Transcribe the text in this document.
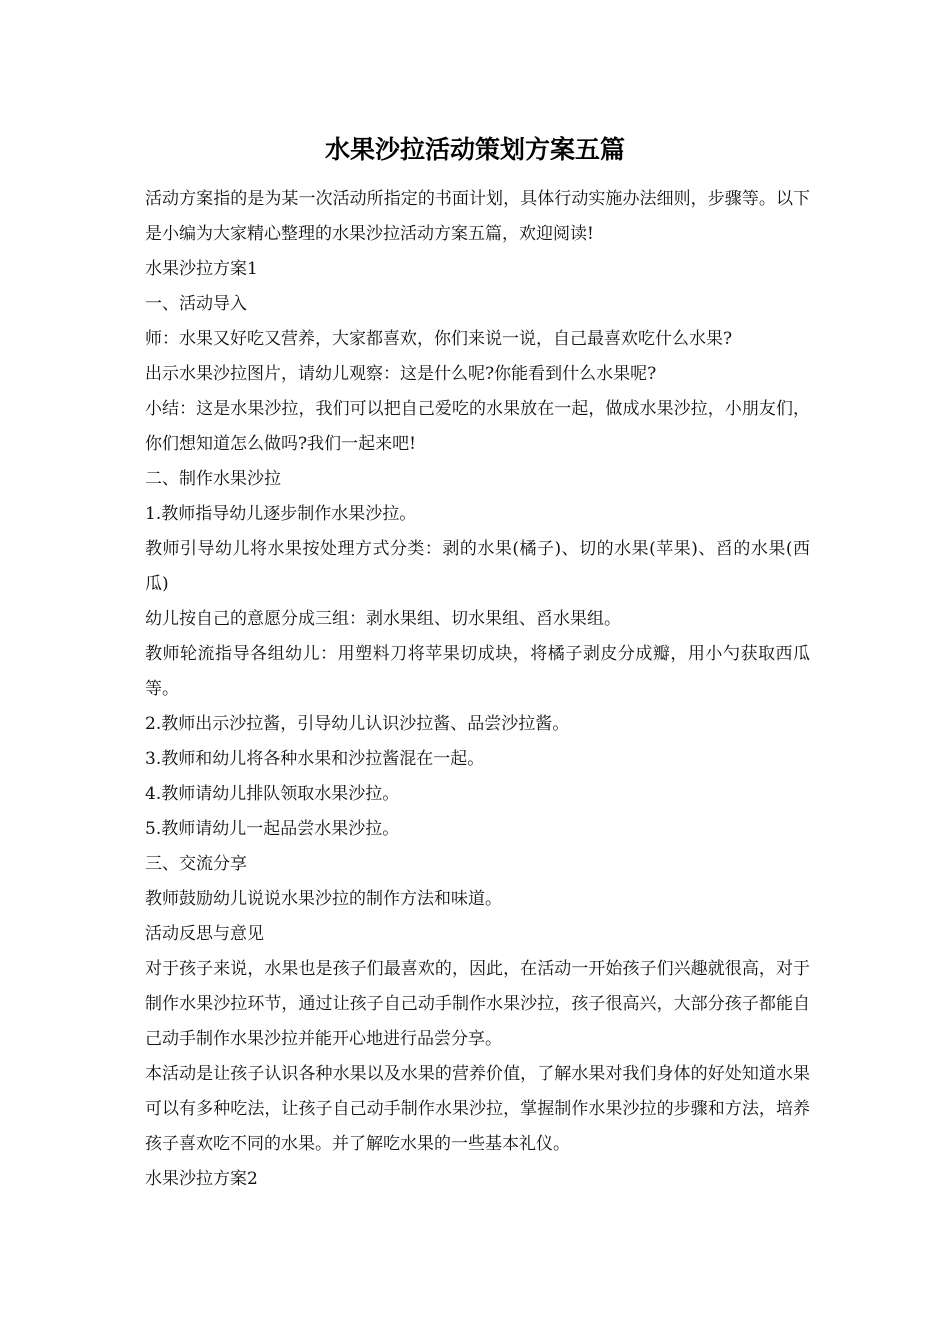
水果沙拉活动策划方案五篇

活动方案指的是为某一次活动所指定的书面计划，具体行动实施办法细则，步骤等。以下是小编为大家精心整理的水果沙拉活动方案五篇，欢迎阅读!

水果沙拉方案1

一、活动导入

师：水果又好吃又营养，大家都喜欢，你们来说一说，自己最喜欢吃什么水果?

出示水果沙拉图片，请幼儿观察：这是什么呢?你能看到什么水果呢?

小结：这是水果沙拉，我们可以把自己爱吃的水果放在一起，做成水果沙拉，小朋友们，你们想知道怎么做吗?我们一起来吧!

二、制作水果沙拉

1.教师指导幼儿逐步制作水果沙拉。

教师引导幼儿将水果按处理方式分类：剥的水果(橘子)、切的水果(苹果)、舀的水果(西瓜)

幼儿按自己的意愿分成三组：剥水果组、切水果组、舀水果组。

教师轮流指导各组幼儿：用塑料刀将苹果切成块，将橘子剥皮分成瓣，用小勺获取西瓜等。

2.教师出示沙拉酱，引导幼儿认识沙拉酱、品尝沙拉酱。

3.教师和幼儿将各种水果和沙拉酱混在一起。

4.教师请幼儿排队领取水果沙拉。

5.教师请幼儿一起品尝水果沙拉。

三、交流分享

教师鼓励幼儿说说水果沙拉的制作方法和味道。

活动反思与意见

对于孩子来说，水果也是孩子们最喜欢的，因此，在活动一开始孩子们兴趣就很高，对于制作水果沙拉环节，通过让孩子自己动手制作水果沙拉，孩子很高兴，大部分孩子都能自己动手制作水果沙拉并能开心地进行品尝分享。

本活动是让孩子认识各种水果以及水果的营养价值，了解水果对我们身体的好处知道水果可以有多种吃法，让孩子自己动手制作水果沙拉，掌握制作水果沙拉的步骤和方法，培养孩子喜欢吃不同的水果。并了解吃水果的一些基本礼仪。

水果沙拉方案2
